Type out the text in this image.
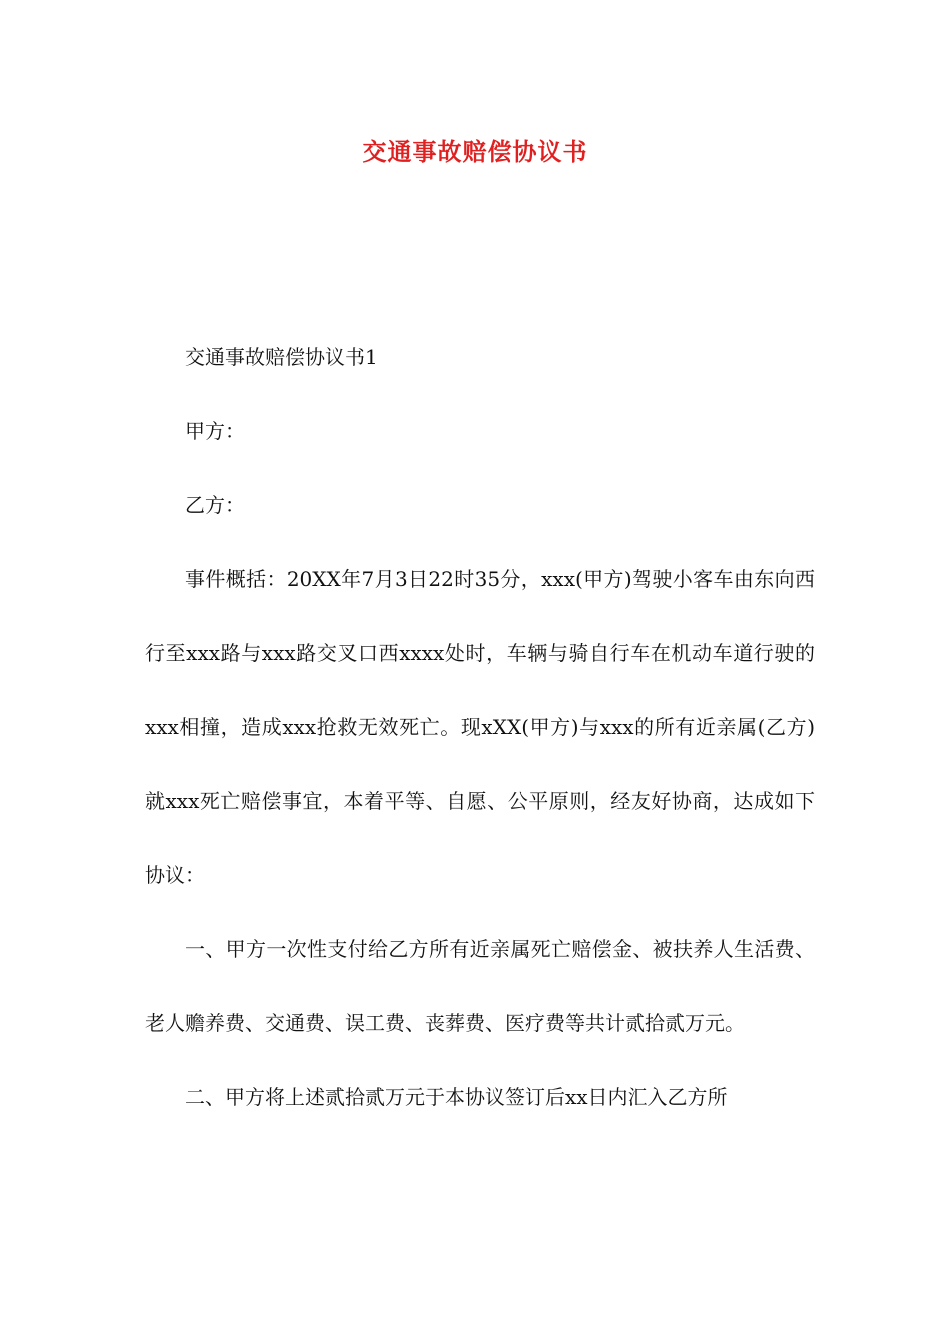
交通事故赔偿协议书

交通事故赔偿协议书1

甲方：

乙方：

事件概括：20XX年7月3日22时35分，xxx(甲方)驾驶小客车由东向西行至xxx路与xxx路交叉口西xxxx处时，车辆与骑自行车在机动车道行驶的xxx相撞，造成xxx抢救无效死亡。现xXX(甲方)与xxx的所有近亲属(乙方)就xxx死亡赔偿事宜，本着平等、自愿、公平原则，经友好协商，达成如下协议：

一、甲方一次性支付给乙方所有近亲属死亡赔偿金、被扶养人生活费、老人赡养费、交通费、误工费、丧葬费、医疗费等共计贰拾贰万元。

二、甲方将上述贰拾贰万元于本协议签订后xx日内汇入乙方所
